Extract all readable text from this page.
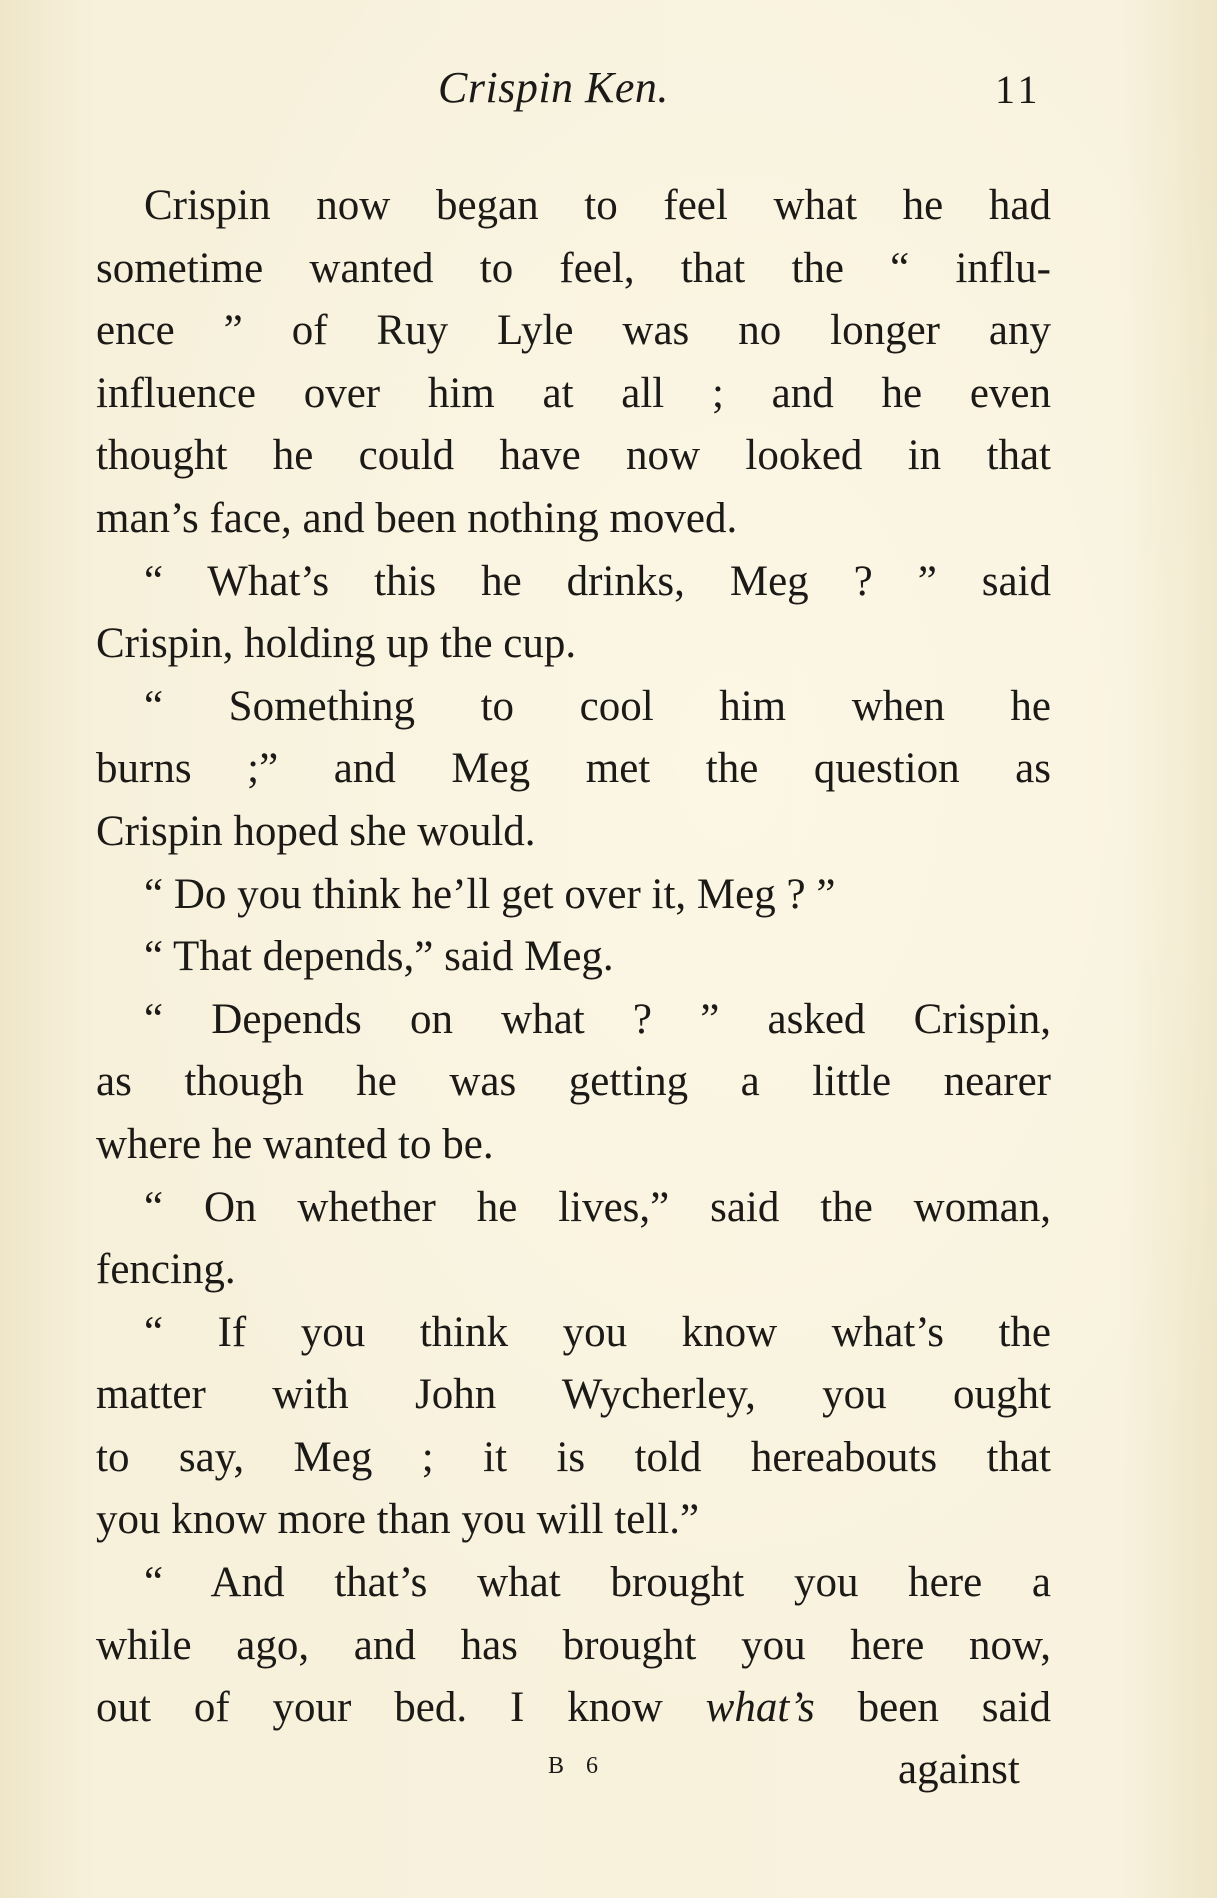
Crispin Ken.	11
Crispin now began to feel what he had
sometime wanted to feel, that the “ influ-
ence ” of Ruy Lyle was no longer any
influence over him at all ; and he even
thought he could have now looked in that
man’s face, and been nothing moved.
“ What’s this he drinks, Meg ? ” said
Crispin, holding up the cup.
“ Something to cool him when he
burns ;” and Meg met the question as
Crispin hoped she would.
“ Do you think he’ll get over it, Meg ? ”
“ That depends,” said Meg.
“ Depends on what ? ” asked Crispin,
as though he was getting a little nearer
where he wanted to be.
“ On whether he lives,” said the woman,
fencing.
“ If you think you know what’s the
matter with John Wycherley, you ought
to say, Meg ; it is told hereabouts that
you know more than you will tell.”
“ And that’s what brought you here a
while ago, and has brought you here now,
out of your bed. I know what’s been said
B 6	against
